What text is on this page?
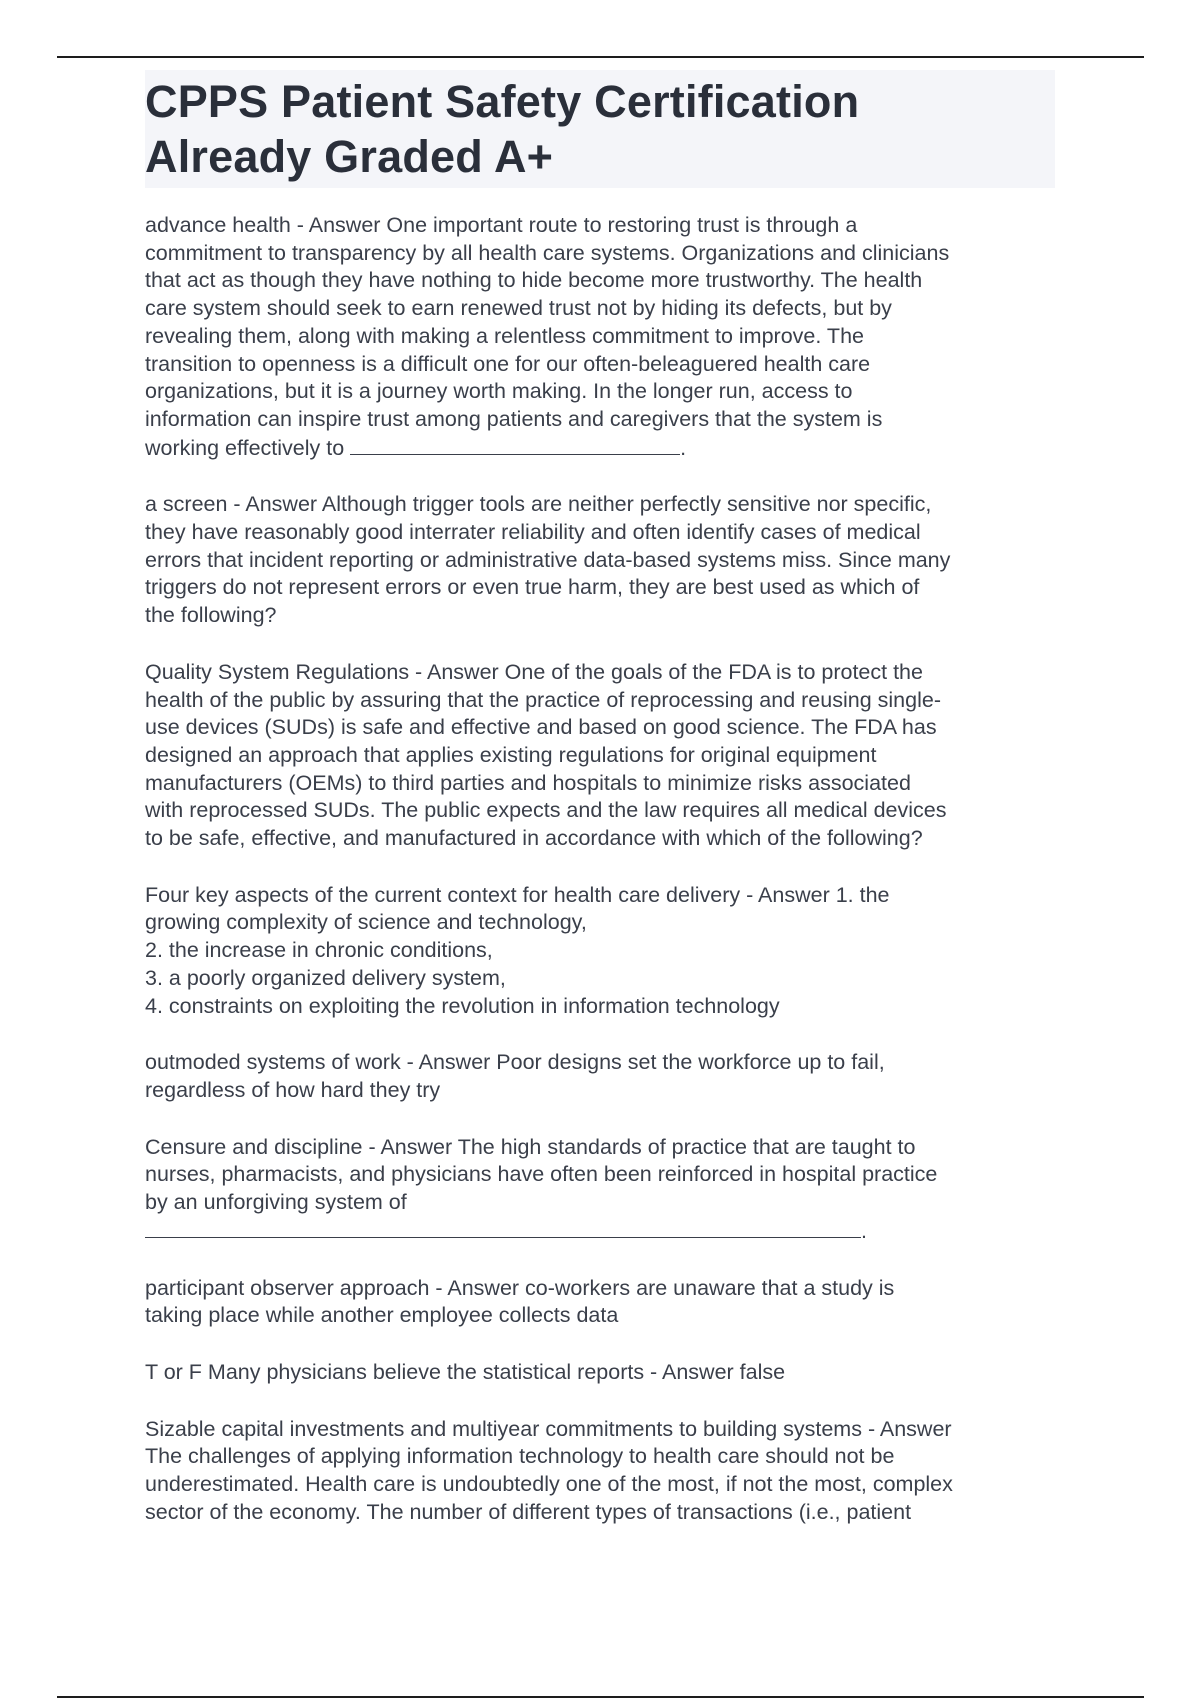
CPPS Patient Safety Certification
Already Graded A+
advance health - Answer One important route to restoring trust is through a
commitment to transparency by all health care systems. Organizations and clinicians
that act as though they have nothing to hide become more trustworthy. The health
care system should seek to earn renewed trust not by hiding its defects, but by
revealing them, along with making a relentless commitment to improve. The
transition to openness is a difficult one for our often-beleaguered health care
organizations, but it is a journey worth making. In the longer run, access to
information can inspire trust among patients and caregivers that the system is
working effectively to	.
a screen - Answer Although trigger tools are neither perfectly sensitive nor specific,
they have reasonably good interrater reliability and often identify cases of medical
errors that incident reporting or administrative data-based systems miss. Since many
triggers do not represent errors or even true harm, they are best used as which of
the following?
Quality System Regulations - Answer One of the goals of the FDA is to protect the
health of the public by assuring that the practice of reprocessing and reusing single-
use devices (SUDs) is safe and effective and based on good science. The FDA has
designed an approach that applies existing regulations for original equipment
manufacturers (OEMs) to third parties and hospitals to minimize risks associated
with reprocessed SUDs. The public expects and the law requires all medical devices
to be safe, effective, and manufactured in accordance with which of the following?
Four key aspects of the current context for health care delivery - Answer 1. the
growing complexity of science and technology,
2. the increase in chronic conditions,
3. a poorly organized delivery system,
4. constraints on exploiting the revolution in information technology
outmoded systems of work - Answer Poor designs set the workforce up to fail,
regardless of how hard they try
Censure and discipline - Answer The high standards of practice that are taught to
nurses, pharmacists, and physicians have often been reinforced in hospital practice
by an unforgiving system of
.
participant observer approach - Answer co-workers are unaware that a study is
taking place while another employee collects data
T or F Many physicians believe the statistical reports - Answer false
Sizable capital investments and multiyear commitments to building systems - Answer
The challenges of applying information technology to health care should not be
underestimated. Health care is undoubtedly one of the most, if not the most, complex
sector of the economy. The number of different types of transactions (i.e., patient
